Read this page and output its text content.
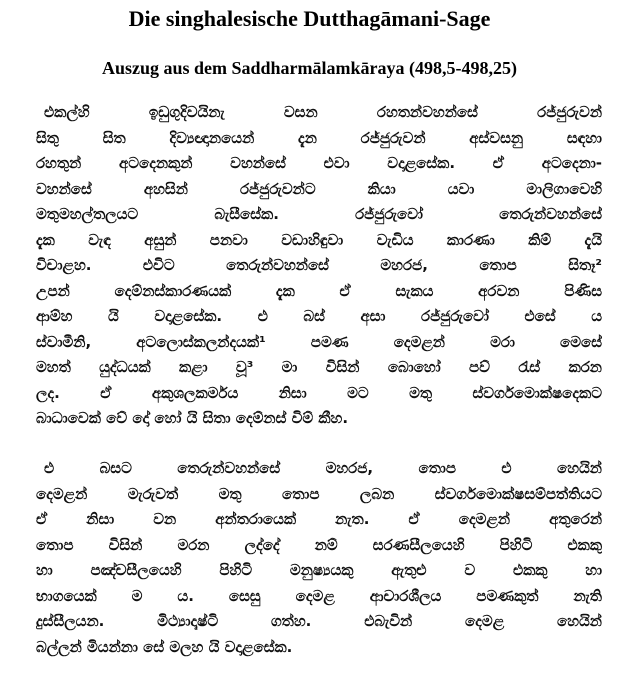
Die singhalesische Dutthagāmani-Sage
Auszug aus dem Saddharmālamkāraya (498,5-498,25)
එකල්හි ඉඩුගුදිවයිනැ වසන රහතන්වහන්සේ රජ්ජුරුවන්
සිතු සිත දිව්‍යඥානයෙන් දැන රජ්ජුරුවන් අස්වසනු සඳහා
රහතුන් අටදෙනකුන් වහන්සේ එවා වදාළසේක. ඒ අටදෙනා-
වහන්සේ අහසින් රජ්ජුරුවන්ට කියා යවා මාලිගාවෙහි
මතුමහල්තලයට බැසීසේක. රජ්ජුරුවෝ තෙරුන්වහන්සේ
දැක වැඳ අසුන් පනවා වඩාහිඳුවා වැඩිය කාරණා කිම් දැයි
විචාළහ. එවිට තෙරුන්වහන්සේ මහරජ, තොප සිතෑ²
උපන් දෙම්නස්කාරණයක් දැක ඒ සැකය අරවන පිණිස
ආම්හ යි වදාළසේක. එ බස් අසා රජ්ජුරුවෝ එසේ ය
ස්වාමීනි, අටලොස්කලන්දයක්¹ පමණ දෙමළන් මරා මෙසේ
මහත් යුද්ධයක් කළා වූ³ මා විසින් බොහෝ පව් රැස් කරන
ලද. ඒ අකුශලකර්මය නිසා මට මතු ස්වර්ගමොක්ෂදෙකට
බාධාවෙක් වේ දෝ හෝ යි සිතා දෙම්නස් විම් කීහ.
එ බසට තෙරුන්වහන්සේ මහරජ, තොප එ හෙයින්
දෙමළන් මැරුවත් මතු තොප ලබන ස්වර්ගමොක්ෂසම්පත්තියට
ඒ නිසා වන අන්තරායෙක් නැත. ඒ දෙමළන් අතුරෙන්
තොප විසින් මරන ලද්දේ නම් සරණසීලයෙහි පිහිටි එකකු
හා පඤ්චසීලයෙහි පිහිටි මනුෂ්‍යයකු ඇතුළු ව එකකු හා
භාගයෙක් ම ය. සෙසු දෙමළ ආචාරශීලය පමණකුත් නැති
දුස්සීලයන. මිථ්‍යාදෘෂ්ටි ගත්හ. එබැවින් දෙමළ හෙයින්
බල්ලන් මියන්නා සේ මලහ යි වදාළසේක.
